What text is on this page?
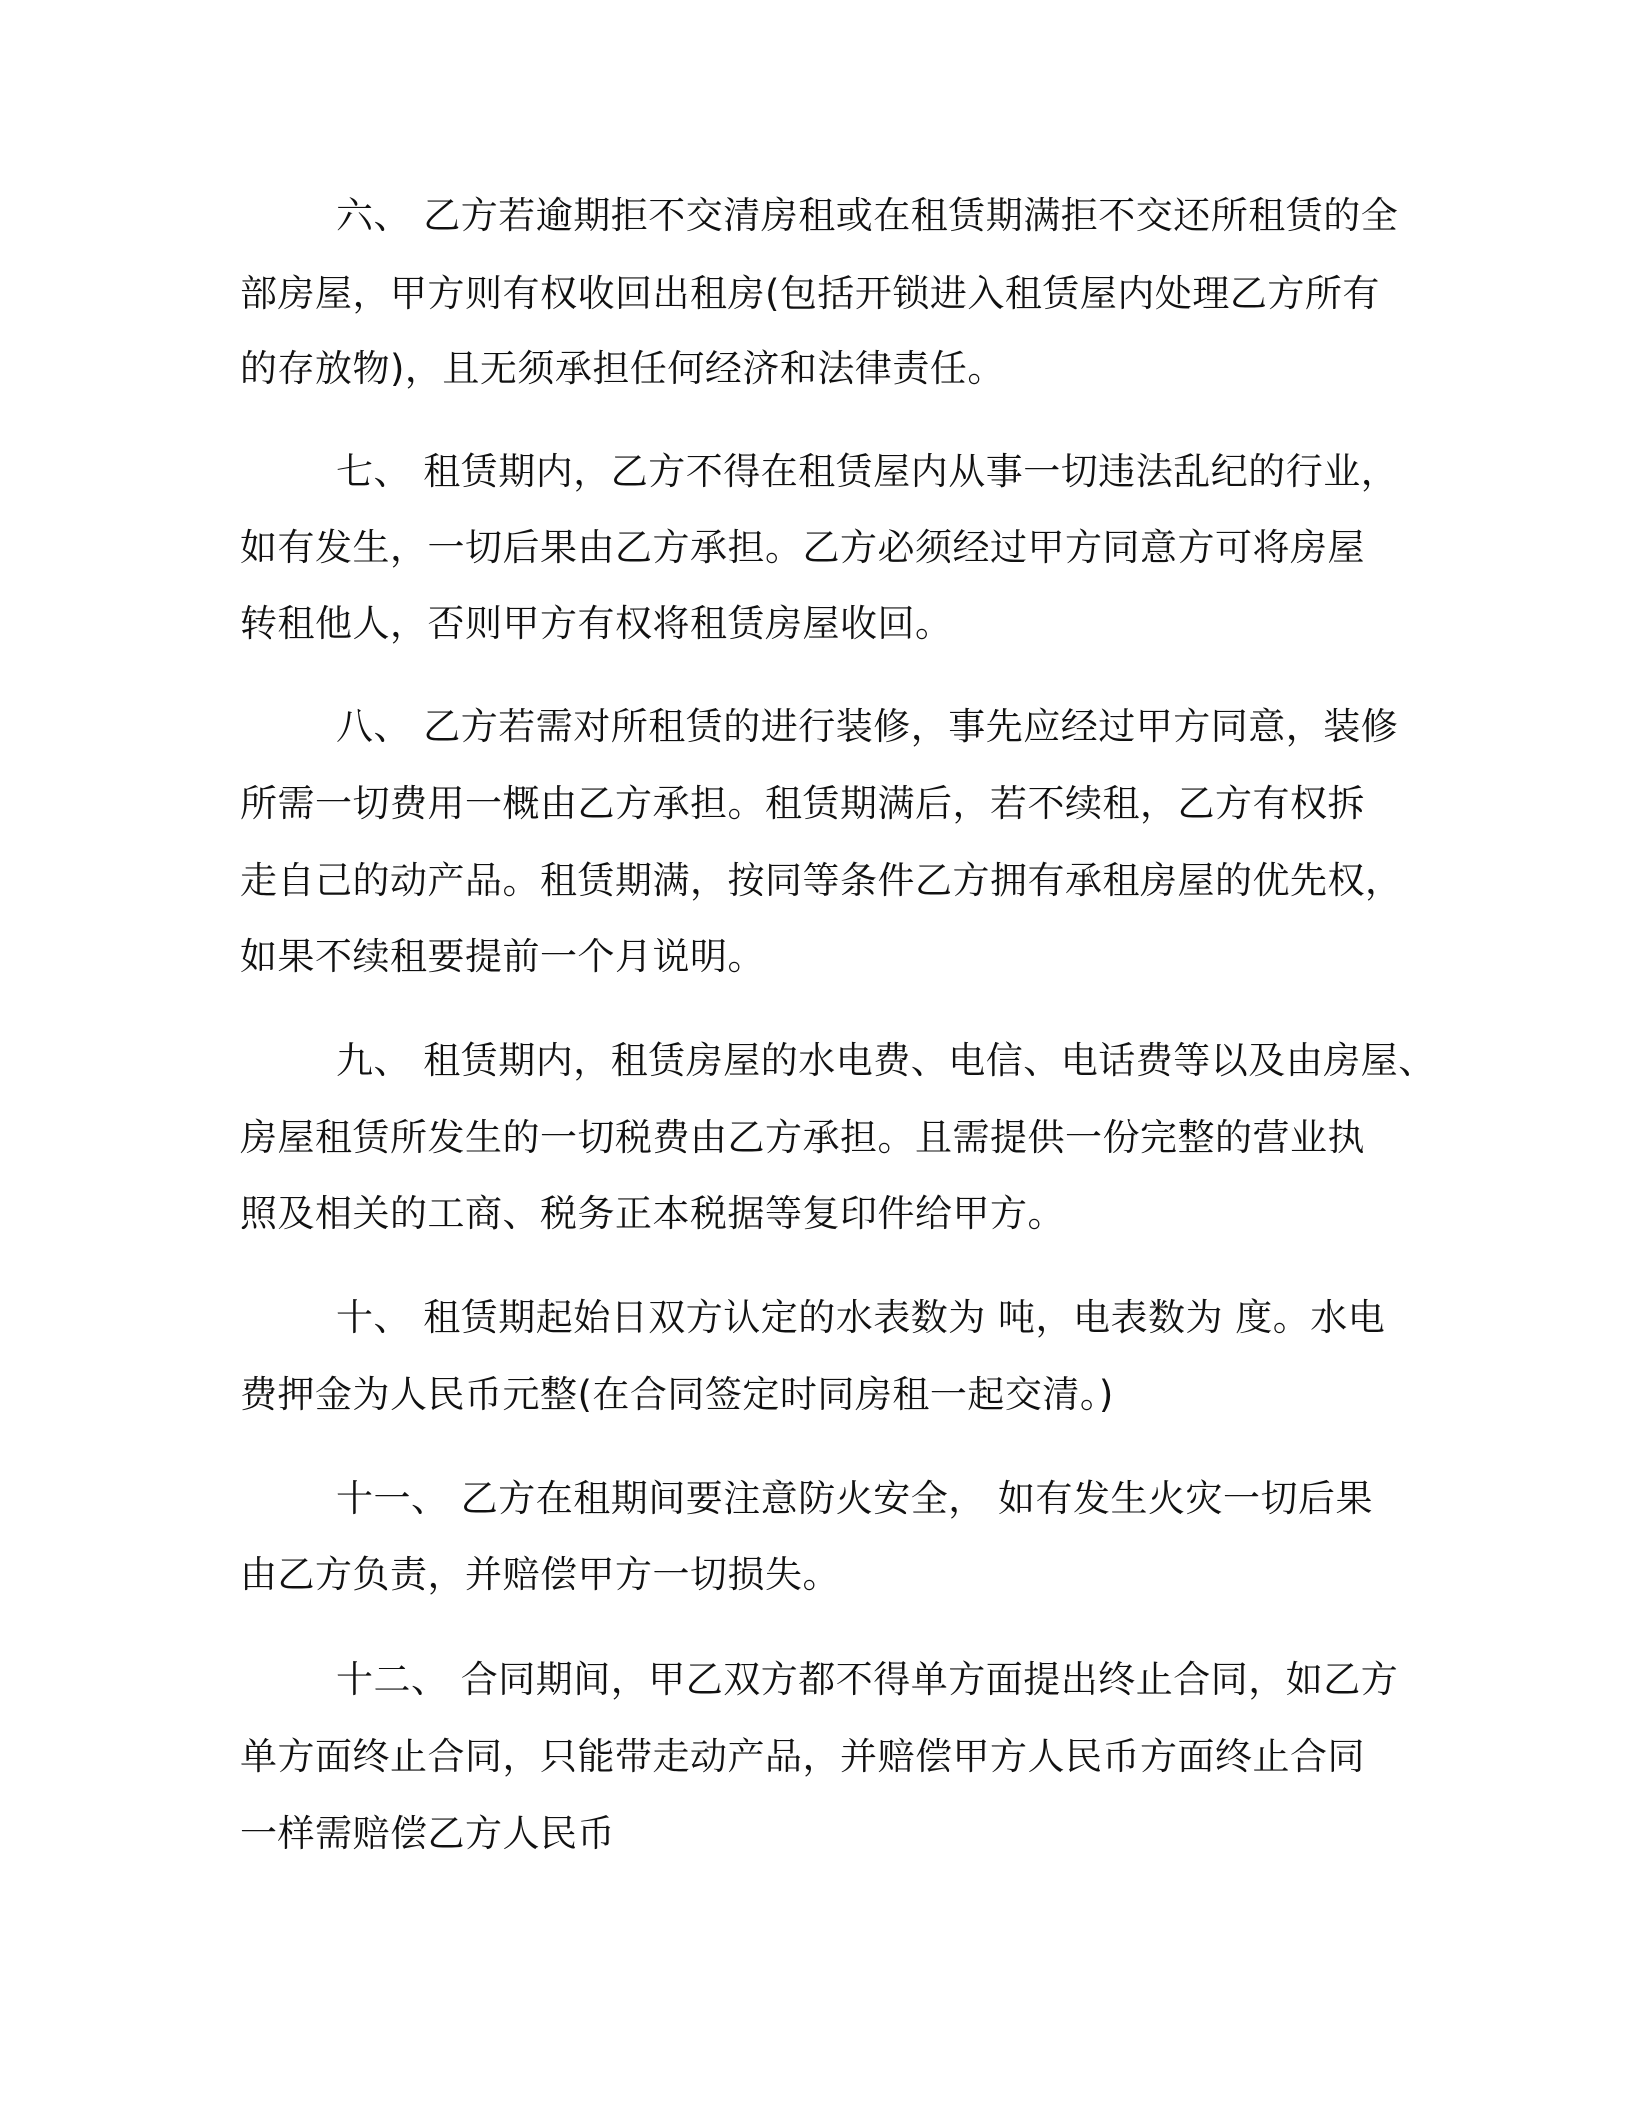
六、 乙方若逾期拒不交清房租或在租赁期满拒不交还所租赁的全
部房屋，甲方则有权收回出租房(包括开锁进入租赁屋内处理乙方所有
的存放物)，且无须承担任何经济和法律责任。
七、 租赁期内，乙方不得在租赁屋内从事一切违法乱纪的行业，
如有发生，一切后果由乙方承担。乙方必须经过甲方同意方可将房屋
转租他人，否则甲方有权将租赁房屋收回。
八、 乙方若需对所租赁的进行装修，事先应经过甲方同意，装修
所需一切费用一概由乙方承担。租赁期满后，若不续租，乙方有权拆
走自己的动产品。租赁期满，按同等条件乙方拥有承租房屋的优先权，
如果不续租要提前一个月说明。
九、 租赁期内，租赁房屋的水电费、电信、电话费等以及由房屋、
房屋租赁所发生的一切税费由乙方承担。且需提供一份完整的营业执
照及相关的工商、税务正本税据等复印件给甲方。
十、 租赁期起始日双方认定的水表数为 吨，电表数为 度。水电
费押金为人民币元整(在合同签定时同房租一起交清。)
十一、 乙方在租期间要注意防火安全， 如有发生火灾一切后果
由乙方负责，并赔偿甲方一切损失。
十二、 合同期间，甲乙双方都不得单方面提出终止合同，如乙方
单方面终止合同，只能带走动产品，并赔偿甲方人民币方面终止合同
一样需赔偿乙方人民币
